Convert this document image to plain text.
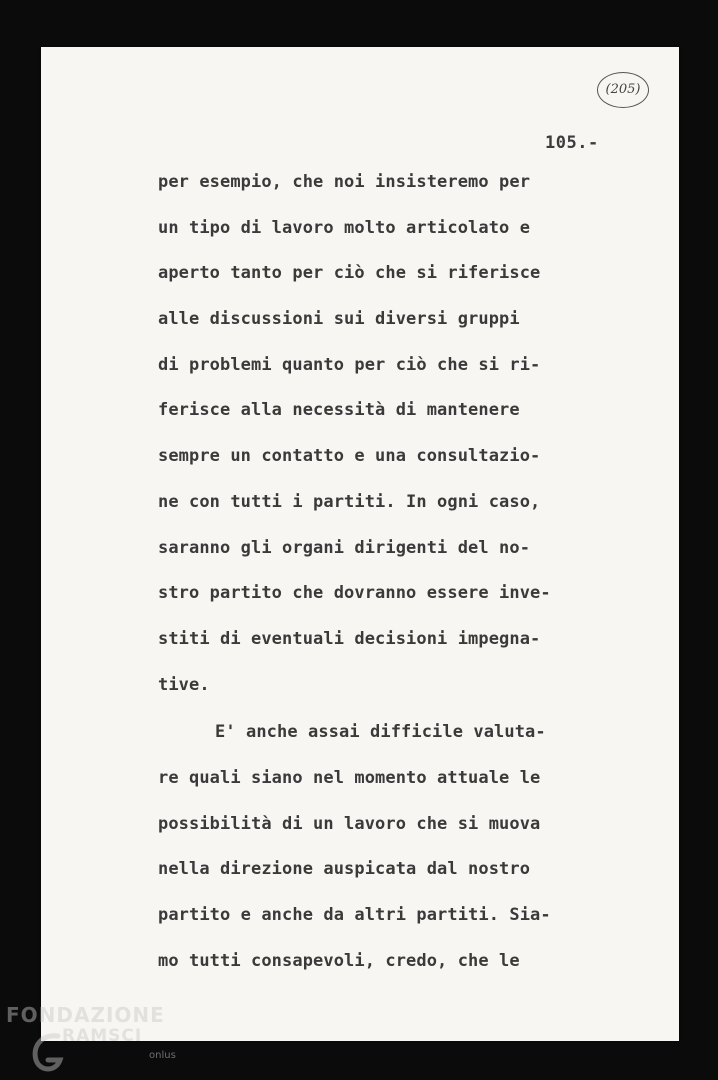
(205)
105.-
per esempio, che noi insisteremo per
un tipo di lavoro molto articolato e
aperto tanto per ciò che si riferisce
alle discussioni sui diversi gruppi
di problemi quanto per ciò che si ri-
ferisce alla necessità di mantenere
sempre un contatto e una consultazio-
ne con tutti i partiti. In ogni caso,
saranno gli organi dirigenti del no-
stro partito che dovranno essere inve-
stiti di eventuali decisioni impegna-
tive.
E' anche assai difficile valuta-
re quali siano nel momento attuale le
possibilità di un lavoro che si muova
nella direzione auspicata dal nostro
partito e anche da altri partiti. Sia-
mo tutti consapevoli, credo, che le
FONDAZIONE
RAMSCI
onlus
